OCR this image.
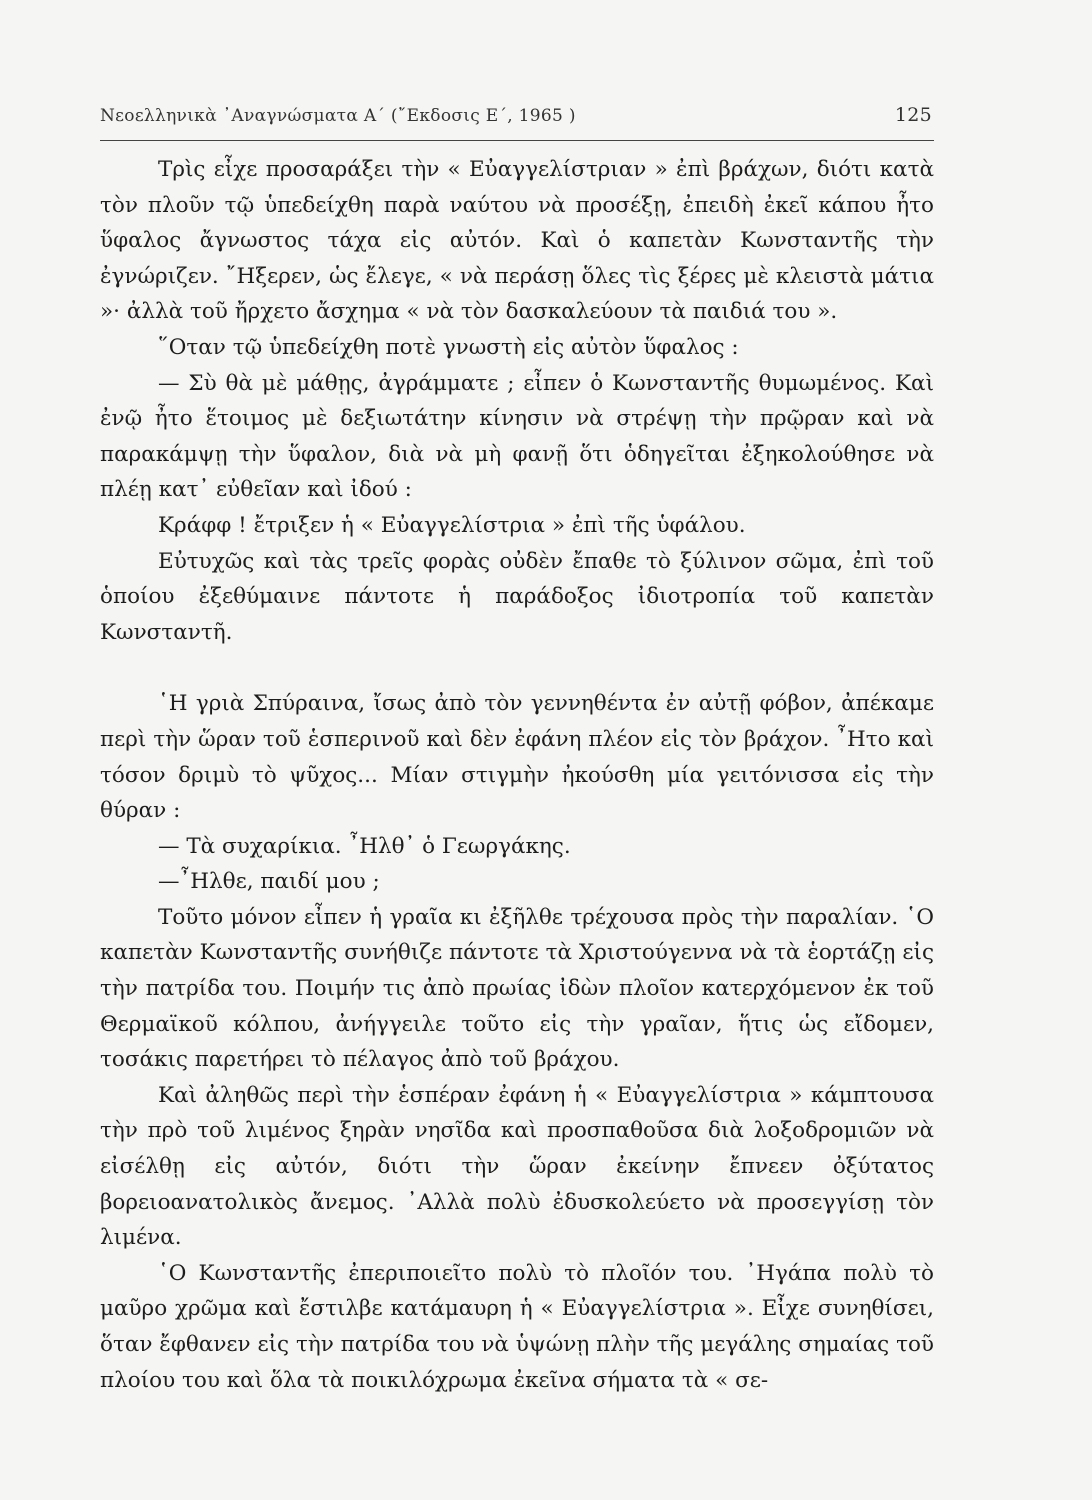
Νεοελληνικὰ ᾿Αναγνώσματα Α΄ (῎Εκδοσις Ε΄, 1965 )	125

Τρὶς εἶχε προσαράξει τὴν « Εὐαγγελίστριαν » ἐπὶ βράχων, διότι κατὰ τὸν πλοῦν τῷ ὑπεδείχθη παρὰ ναύτου νὰ προσέξῃ, ἐπειδὴ ἐκεῖ κάπου ἦτο ὕφαλος ἄγνωστος τάχα εἰς αὐτόν. Καὶ ὁ καπετὰν Κωνσταντῆς τὴν ἐγνώριζεν. ῎Ηξερεν, ὡς ἔλεγε, « νὰ περάσῃ ὅλες τὶς ξέρες μὲ κλειστὰ μάτια »· ἀλλὰ τοῦ ἤρχετο ἄσχημα « νὰ τὸν δασκαλεύουν τὰ παιδιά του ».

῞Οταν τῷ ὑπεδείχθη ποτὲ γνωστὴ εἰς αὐτὸν ὕφαλος :

— Σὺ θὰ μὲ μάθῃς, ἀγράμματε ; εἶπεν ὁ Κωνσταντῆς θυμωμένος. Καὶ ἐνῷ ἦτο ἕτοιμος μὲ δεξιωτάτην κίνησιν νὰ στρέψῃ τὴν πρῷραν καὶ νὰ παρακάμψῃ τὴν ὕφαλον, διὰ νὰ μὴ φανῇ ὅτι ὁδηγεῖται ἐξηκολούθησε νὰ πλέῃ κατ᾿ εὐθεῖαν καὶ ἰδού :

Κράφφ ! ἔτριξεν ἡ « Εὐαγγελίστρια » ἐπὶ τῆς ὑφάλου.

Εὐτυχῶς καὶ τὰς τρεῖς φορὰς οὐδὲν ἔπαθε τὸ ξύλινον σῶμα, ἐπὶ τοῦ ὁποίου ἐξεθύμαινε πάντοτε ἡ παράδοξος ἰδιοτροπία τοῦ καπετὰν Κωνσταντῆ.

῾Η γριὰ Σπύραινα, ἴσως ἀπὸ τὸν γεννηθέντα ἐν αὐτῇ φόβον, ἀπέκαμε περὶ τὴν ὥραν τοῦ ἑσπερινοῦ καὶ δὲν ἐφάνη πλέον εἰς τὸν βράχον. ῏Ητο καὶ τόσον δριμὺ τὸ ψῦχος... Μίαν στιγμὴν ἠκούσθη μία γειτόνισσα εἰς τὴν θύραν :

— Τὰ συχαρίκια. ῏Ηλθ᾿ ὁ Γεωργάκης.

—῏Ηλθε, παιδί μου ;

Τοῦτο μόνον εἶπεν ἡ γραῖα κι ἐξῆλθε τρέχουσα πρὸς τὴν παραλίαν. ῾Ο καπετὰν Κωνσταντῆς συνήθιζε πάντοτε τὰ Χριστούγεννα νὰ τὰ ἑορτάζῃ εἰς τὴν πατρίδα του. Ποιμήν τις ἀπὸ πρωίας ἰδὼν πλοῖον κατερχόμενον ἐκ τοῦ Θερμαϊκοῦ κόλπου, ἀνήγγειλε τοῦτο εἰς τὴν γραῖαν, ἥτις ὡς εἴδομεν, τοσάκις παρετήρει τὸ πέλαγος ἀπὸ τοῦ βράχου.

Καὶ ἀληθῶς περὶ τὴν ἑσπέραν ἐφάνη ἡ « Εὐαγγελίστρια » κάμπτουσα τὴν πρὸ τοῦ λιμένος ξηρὰν νησῖδα καὶ προσπαθοῦσα διὰ λοξοδρομιῶν νὰ εἰσέλθῃ εἰς αὐτόν, διότι τὴν ὥραν ἐκείνην ἔπνεεν ὀξύτατος βορειοανατολικὸς ἄνεμος. ᾿Αλλὰ πολὺ ἐδυσκολεύετο νὰ προσεγγίσῃ τὸν λιμένα.

῾Ο Κωνσταντῆς ἐπεριποιεῖτο πολὺ τὸ πλοῖόν του. ᾿Ηγάπα πολὺ τὸ μαῦρο χρῶμα καὶ ἔστιλβε κατάμαυρη ἡ « Εὐαγγελίστρια ». Εἶχε συνηθίσει, ὅταν ἔφθανεν εἰς τὴν πατρίδα του νὰ ὑψώνῃ πλὴν τῆς μεγάλης σημαίας τοῦ πλοίου του καὶ ὅλα τὰ ποικιλόχρωμα ἐκεῖνα σήματα τὰ « σε-
